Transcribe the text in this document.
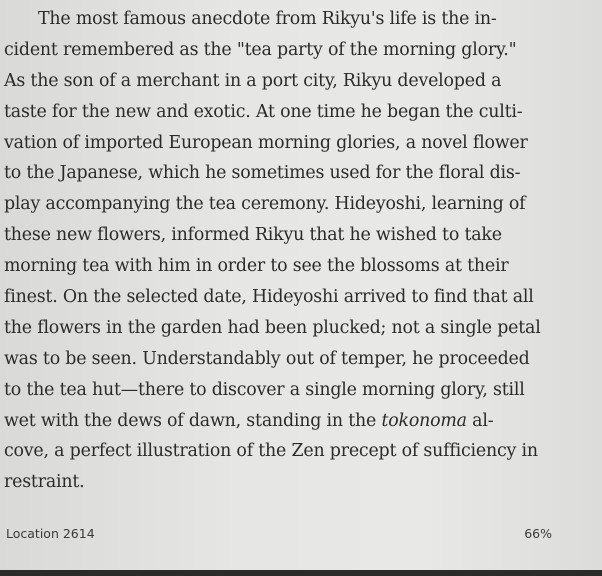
The most famous anecdote from Rikyu's life is the in-
cident remembered as the "tea party of the morning glory."
As the son of a merchant in a port city, Rikyu developed a
taste for the new and exotic. At one time he began the culti-
vation of imported European morning glories, a novel flower
to the Japanese, which he sometimes used for the floral dis-
play accompanying the tea ceremony. Hideyoshi, learning of
these new flowers, informed Rikyu that he wished to take
morning tea with him in order to see the blossoms at their
finest. On the selected date, Hideyoshi arrived to find that all
the flowers in the garden had been plucked; not a single petal
was to be seen. Understandably out of temper, he proceeded
to the tea hut—there to discover a single morning glory, still
wet with the dews of dawn, standing in the tokonoma al-
cove, a perfect illustration of the Zen precept of sufficiency in
restraint.
Location 2614	66%
